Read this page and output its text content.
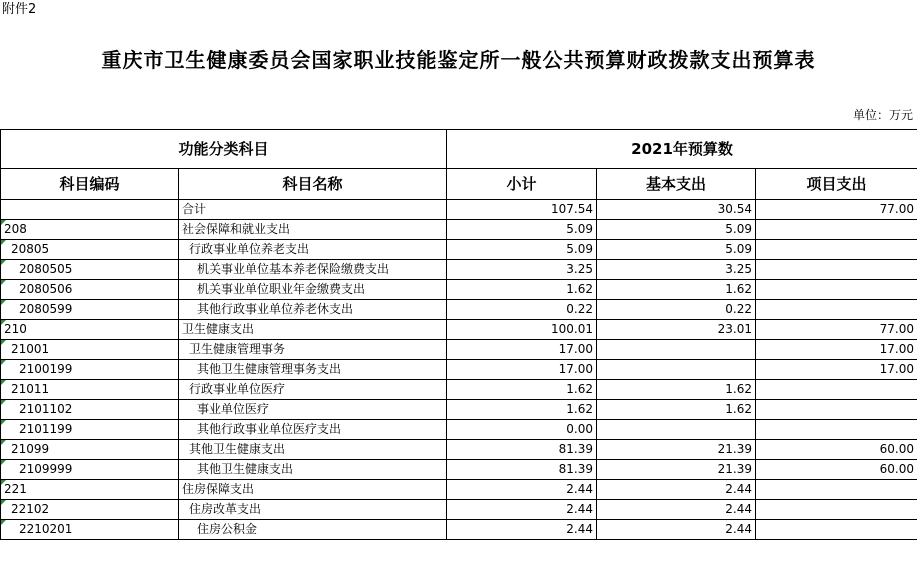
附件2
重庆市卫生健康委员会国家职业技能鉴定所一般公共预算财政拨款支出预算表
单位：万元
功能分类科目		2021年预算数		
科目编码	科目名称	小计	基本支出	项目支出
	合计	107.54	30.54	77.00
208	社会保障和就业支出	5.09	5.09	
20805	行政事业单位养老支出	5.09	5.09	
2080505	机关事业单位基本养老保险缴费支出	3.25	3.25	
2080506	机关事业单位职业年金缴费支出	1.62	1.62	
2080599	其他行政事业单位养老休支出	0.22	0.22	
210	卫生健康支出	100.01	23.01	77.00
21001	卫生健康管理事务	17.00		17.00
2100199	其他卫生健康管理事务支出	17.00		17.00
21011	行政事业单位医疗	1.62	1.62	
2101102	事业单位医疗	1.62	1.62	
2101199	其他行政事业单位医疗支出	0.00		
21099	其他卫生健康支出	81.39	21.39	60.00
2109999	其他卫生健康支出	81.39	21.39	60.00
221	住房保障支出	2.44	2.44	
22102	住房改革支出	2.44	2.44	
2210201	住房公积金	2.44	2.44	
